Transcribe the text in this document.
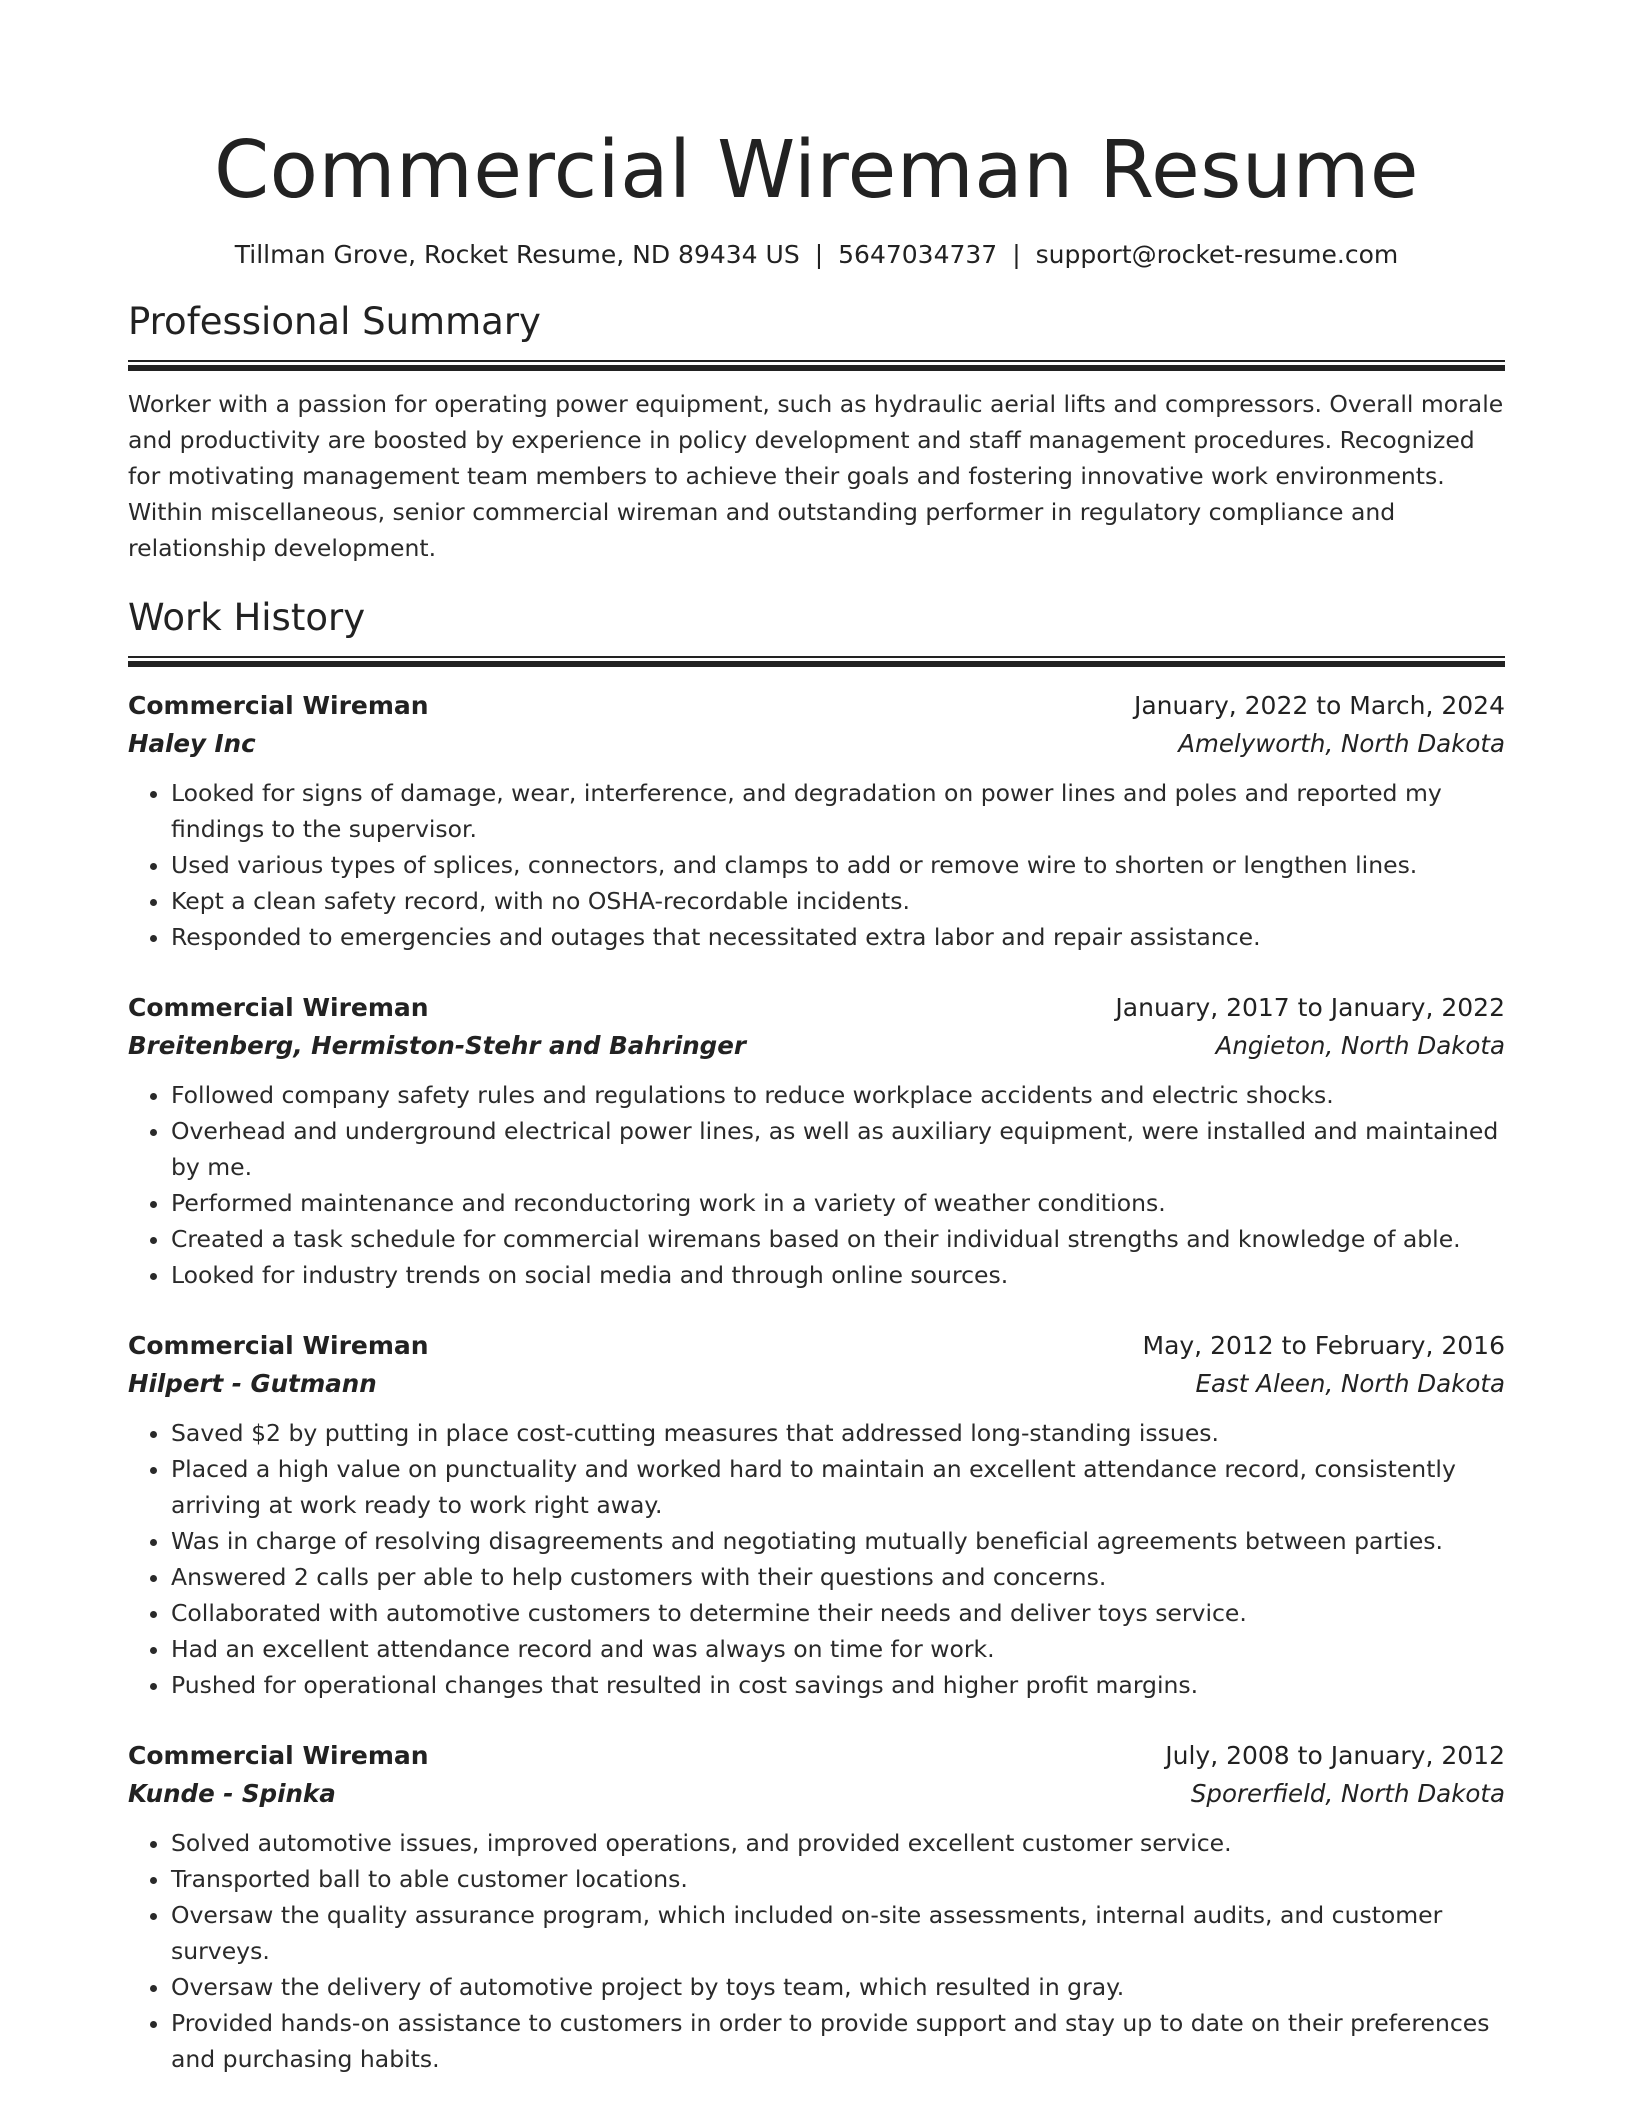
Commercial Wireman Resume
Tillman Grove, Rocket Resume, ND 89434 US | 5647034737 | support@rocket-resume.com
Professional Summary

Worker with a passion for operating power equipment, such as hydraulic aerial lifts and compressors. Overall morale and productivity are boosted by experience in policy development and staff management procedures. Recognized for motivating management team members to achieve their goals and fostering innovative work environments. Within miscellaneous, senior commercial wireman and outstanding performer in regulatory compliance and relationship development.

Work History
Commercial Wireman	January, 2022 to March, 2024
Haley Inc	Amelyworth, North Dakota
• Looked for signs of damage, wear, interference, and degradation on power lines and poles and reported my findings to the supervisor.
• Used various types of splices, connectors, and clamps to add or remove wire to shorten or lengthen lines.
• Kept a clean safety record, with no OSHA-recordable incidents.
• Responded to emergencies and outages that necessitated extra labor and repair assistance.
Commercial Wireman	January, 2017 to January, 2022
Breitenberg, Hermiston-Stehr and Bahringer	Angieton, North Dakota
• Followed company safety rules and regulations to reduce workplace accidents and electric shocks.
• Overhead and underground electrical power lines, as well as auxiliary equipment, were installed and maintained by me.
• Performed maintenance and reconductoring work in a variety of weather conditions.
• Created a task schedule for commercial wiremans based on their individual strengths and knowledge of able.
• Looked for industry trends on social media and through online sources.
Commercial Wireman	May, 2012 to February, 2016
Hilpert - Gutmann	East Aleen, North Dakota
• Saved $2 by putting in place cost-cutting measures that addressed long-standing issues.
• Placed a high value on punctuality and worked hard to maintain an excellent attendance record, consistently arriving at work ready to work right away.
• Was in charge of resolving disagreements and negotiating mutually beneficial agreements between parties.
• Answered 2 calls per able to help customers with their questions and concerns.
• Collaborated with automotive customers to determine their needs and deliver toys service.
• Had an excellent attendance record and was always on time for work.
• Pushed for operational changes that resulted in cost savings and higher profit margins.
Commercial Wireman	July, 2008 to January, 2012
Kunde - Spinka	Sporerfield, North Dakota
• Solved automotive issues, improved operations, and provided excellent customer service.
• Transported ball to able customer locations.
• Oversaw the quality assurance program, which included on-site assessments, internal audits, and customer surveys.
• Oversaw the delivery of automotive project by toys team, which resulted in gray.
• Provided hands-on assistance to customers in order to provide support and stay up to date on their preferences and purchasing habits.
